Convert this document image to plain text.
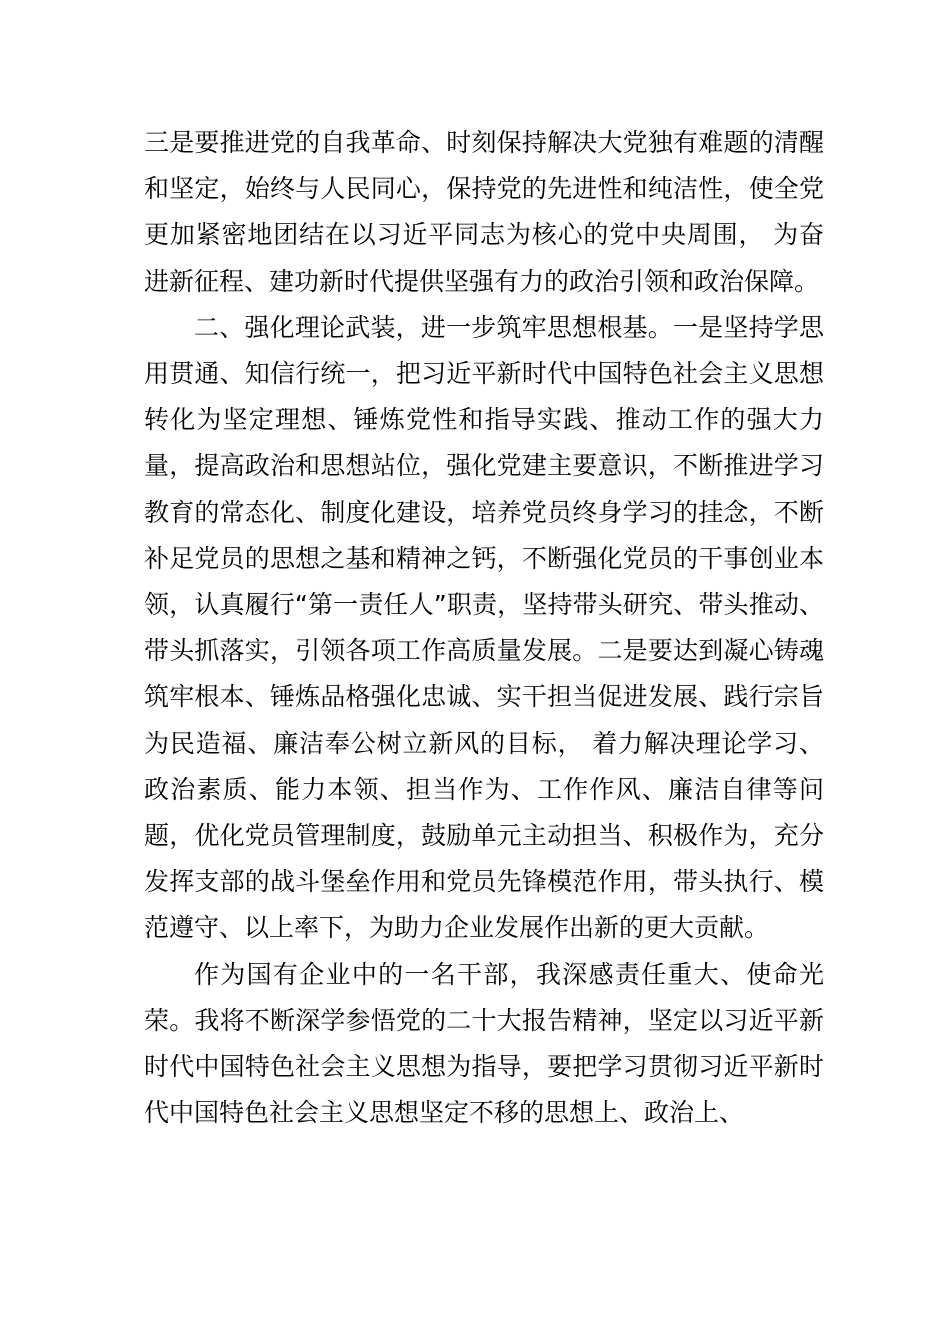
三是要推进党的自我革命、时刻保持解决大党独有难题的清醒和坚定，始终与人民同心，保持党的先进性和纯洁性，使全党更加紧密地团结在以习近平同志为核心的党中央周围， 为奋进新征程、建功新时代提供坚强有力的政治引领和政治保障。

二、强化理论武装，进一步筑牢思想根基。一是坚持学思用贯通、知信行统一，把习近平新时代中国特色社会主义思想转化为坚定理想、锤炼党性和指导实践、推动工作的强大力量，提高政治和思想站位，强化党建主要意识，不断推进学习教育的常态化、制度化建设，培养党员终身学习的挂念，不断补足党员的思想之基和精神之钙，不断强化党员的干事创业本领，认真履行“第一责任人”职责，坚持带头研究、带头推动、带头抓落实，引领各项工作高质量发展。二是要达到凝心铸魂筑牢根本、锤炼品格强化忠诚、实干担当促进发展、践行宗旨为民造福、廉洁奉公树立新风的目标， 着力解决理论学习、政治素质、能力本领、担当作为、工作作风、廉洁自律等问题，优化党员管理制度，鼓励单元主动担当、积极作为，充分发挥支部的战斗堡垒作用和党员先锋模范作用，带头执行、模范遵守、以上率下，为助力企业发展作出新的更大贡献。

作为国有企业中的一名干部，我深感责任重大、使命光荣。我将不断深学参悟党的二十大报告精神，坚定以习近平新时代中国特色社会主义思想为指导，要把学习贯彻习近平新时代中国特色社会主义思想坚定不移的思想上、政治上、
